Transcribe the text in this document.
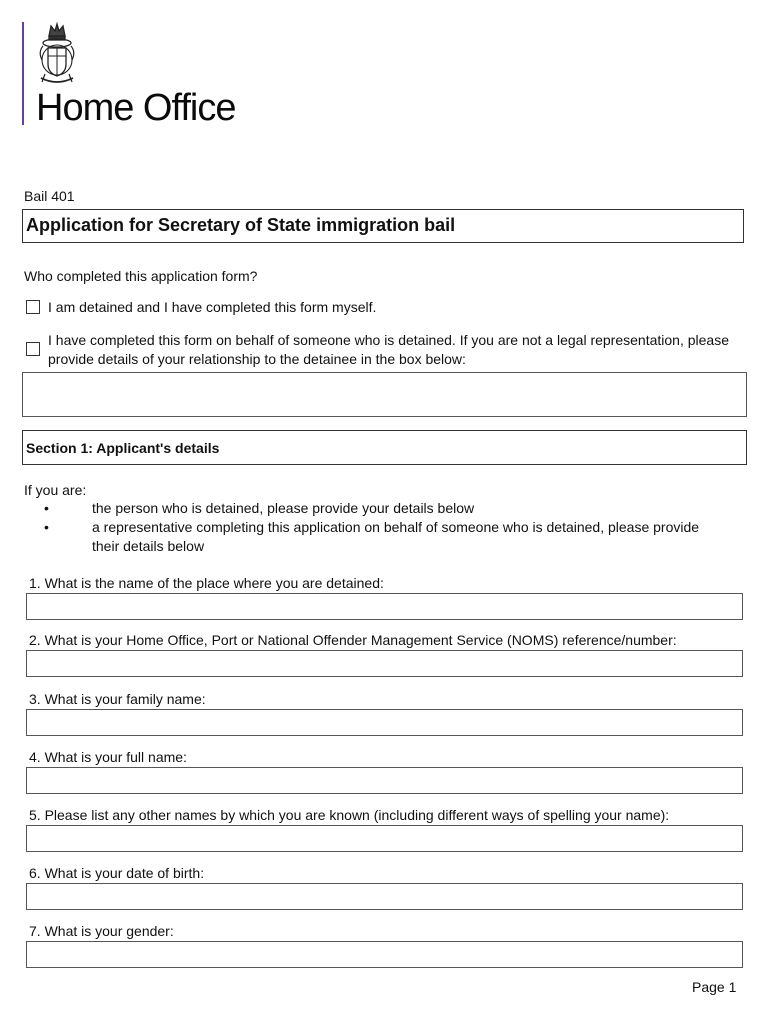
Home Office
Bail 401
Application for Secretary of State immigration bail
Who completed this application form?
I am detained and I have completed this form myself.
I have completed this form on behalf of someone who is detained. If you are not a legal representation, please provide details of your relationship to the detainee in the box below:
Section 1: Applicant's details
If you are:
•	the person who is detained, please provide your details below
•	a representative completing this application on behalf of someone who is detained, please provide their details below
1. What is the name of the place where you are detained:
2. What is your Home Office, Port or National Offender Management Service (NOMS) reference/number:
3. What is your family name:
4. What is your full name:
5. Please list any other names by which you are known (including different ways of spelling your name):
6. What is your date of birth:
7. What is your gender:
Page 1
